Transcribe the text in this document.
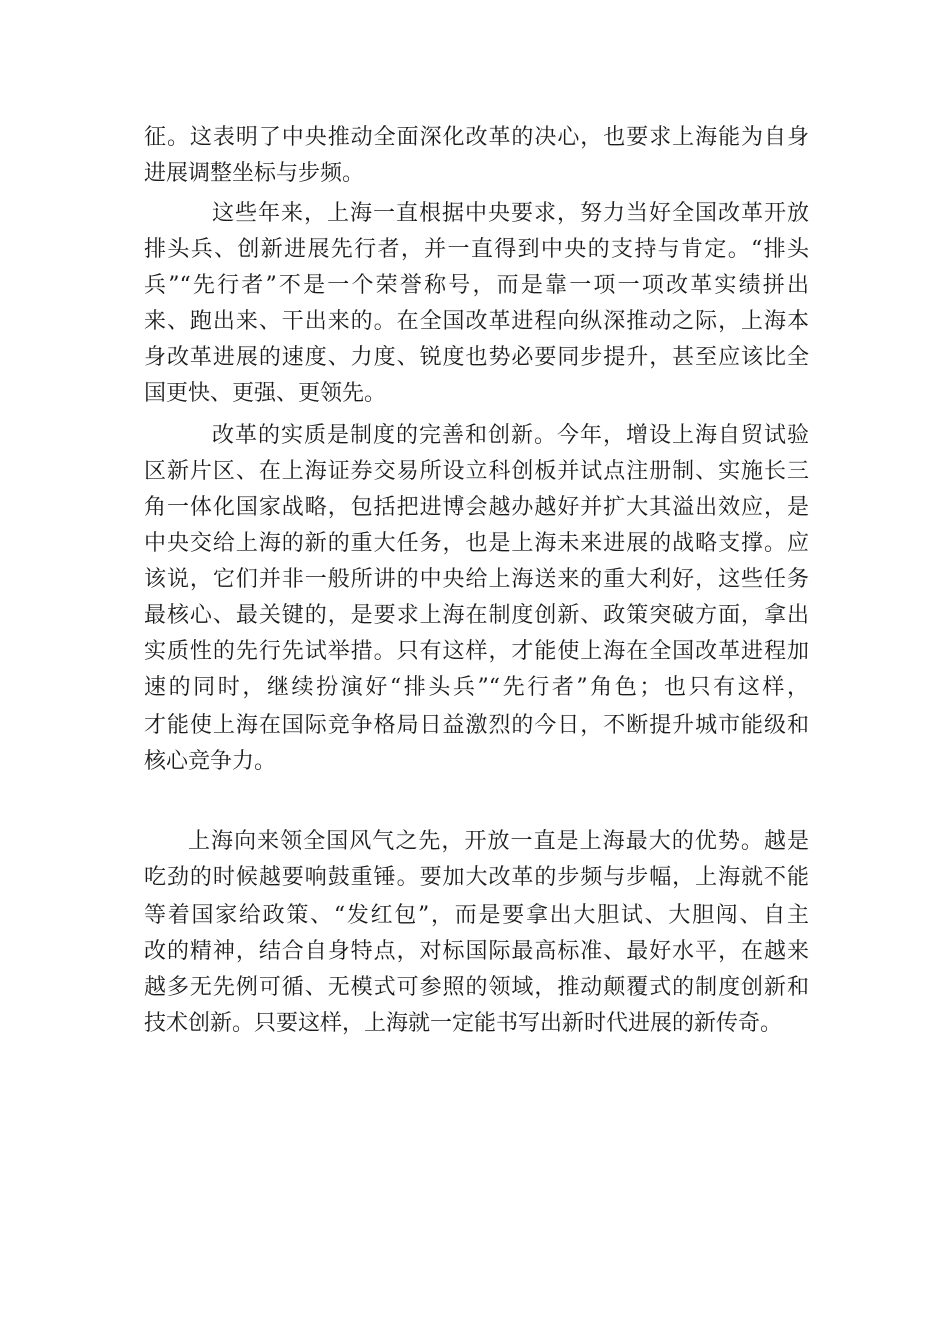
征。这表明了中央推动全面深化改革的决心，也要求上海能为自身
进展调整坐标与步频。
这些年来，上海一直根据中央要求，努力当好全国改革开放
排头兵、创新进展先行者，并一直得到中央的支持与肯定。“排头
兵”“先行者”不是一个荣誉称号，而是靠一项一项改革实绩拼出
来、跑出来、干出来的。在全国改革进程向纵深推动之际，上海本
身改革进展的速度、力度、锐度也势必要同步提升，甚至应该比全
国更快、更强、更领先。
改革的实质是制度的完善和创新。今年，增设上海自贸试验
区新片区、在上海证券交易所设立科创板并试点注册制、实施长三
角一体化国家战略，包括把进博会越办越好并扩大其溢出效应，是
中央交给上海的新的重大任务，也是上海未来进展的战略支撑。应
该说，它们并非一般所讲的中央给上海送来的重大利好，这些任务
最核心、最关键的，是要求上海在制度创新、政策突破方面，拿出
实质性的先行先试举措。只有这样，才能使上海在全国改革进程加
速的同时，继续扮演好“排头兵”“先行者”角色；也只有这样，
才能使上海在国际竞争格局日益激烈的今日，不断提升城市能级和
核心竞争力。
上海向来领全国风气之先，开放一直是上海最大的优势。越是
吃劲的时候越要响鼓重锤。要加大改革的步频与步幅，上海就不能
等着国家给政策、“发红包”，而是要拿出大胆试、大胆闯、自主
改的精神，结合自身特点，对标国际最高标准、最好水平，在越来
越多无先例可循、无模式可参照的领域，推动颠覆式的制度创新和
技术创新。只要这样，上海就一定能书写出新时代进展的新传奇。
